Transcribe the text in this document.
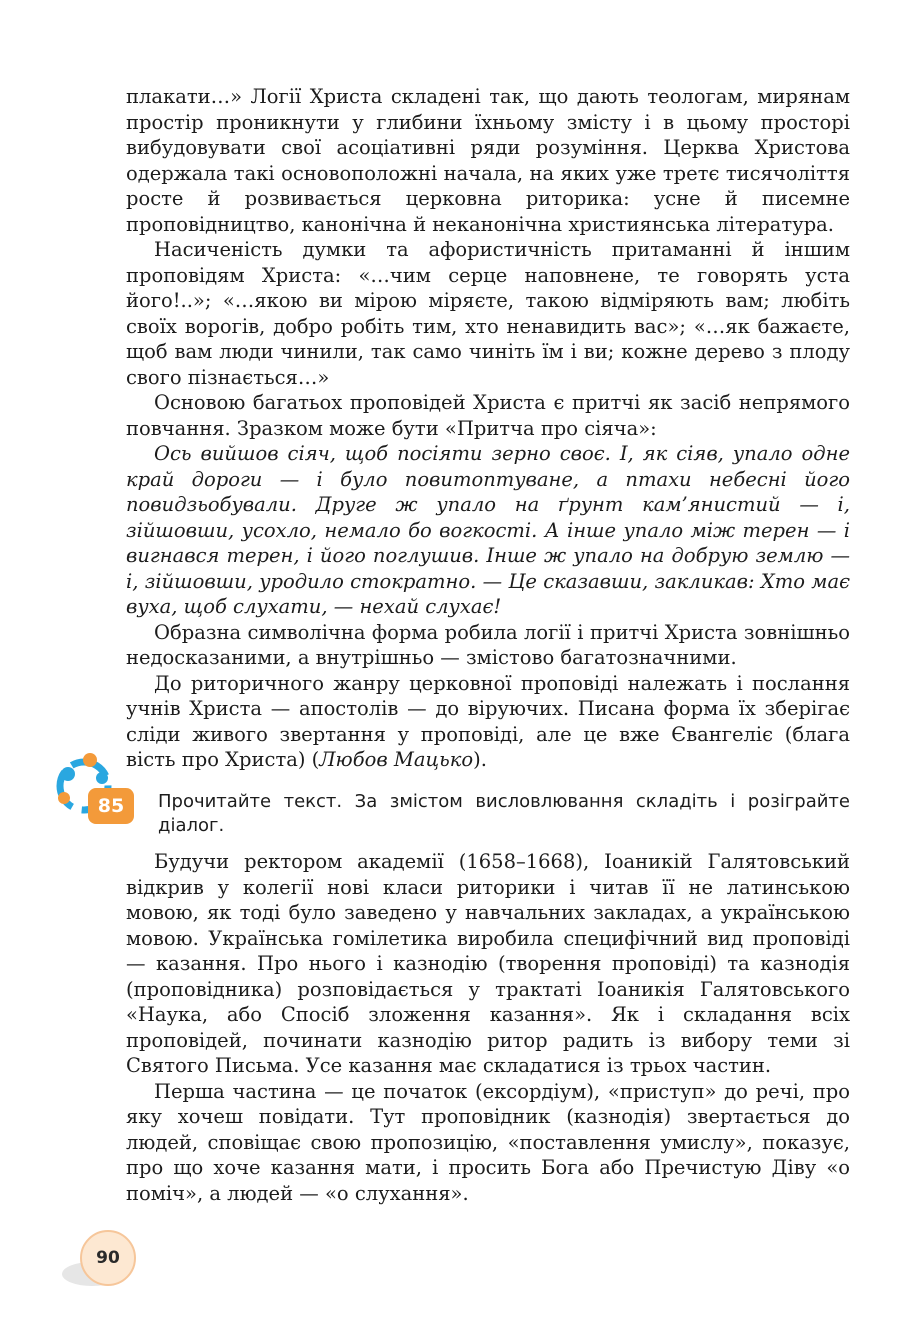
плакати…» Логії Христа складені так, що дають теологам, мирянам простір проникнути у глибини їхньому змісту і в цьому просторі вибудовувати свої асоціативні ряди розуміння. Церква Христова одержала такі основоположні начала, на яких уже третє тисячоліття росте й розвивається церковна риторика: усне й писемне проповідництво, канонічна й неканонічна християнська література.

Насиченість думки та афористичність притаманні й іншим проповідям Христа: «…чим серце наповнене, те говорять уста його!..»; «…якою ви мірою міряєте, такою відміряють вам; любіть своїх ворогів, добро робіть тим, хто ненавидить вас»; «…як бажаєте, щоб вам люди чинили, так само чиніть їм і ви; кожне дерево з плоду свого пізнається…»

Основою багатьох проповідей Христа є притчі як засіб непрямого повчання. Зразком може бути «Притча про сіяча»:

Ось вийшов сіяч, щоб посіяти зерно своє. І, як сіяв, упало одне край дороги — і було повитоптуване, а птахи небесні його повидзьобували. Друге ж упало на ґрунт кам’янистий — і, зійшовши, усохло, немало бо вогкості. А інше упало між терен — і вигнався терен, і його поглушив. Інше ж упало на добрую землю — і, зійшовши, уродило стократно. — Це сказавши, закликав: Хто має вуха, щоб слухати, — нехай слухає!

Образна символічна форма робила логії і притчі Христа зовнішньо недосказаними, а внутрішньо — змістово багатозначними.

До риторичного жанру церковної проповіді належать і послання учнів Христа — апостолів — до віруючих. Писана форма їх зберігає сліди живого звертання у проповіді, але це вже Євангеліє (блага вість про Христа) (Любов Мацько).

85 Прочитайте текст. За змістом висловлювання складіть і розіграйте діалог.

Будучи ректором академії (1658–1668), Іоаникій Галятовський відкрив у колегії нові класи риторики і читав її не латинською мовою, як тоді було заведено у навчальних закладах, а українською мовою. Українська гомілетика виробила специфічний вид проповіді — казання. Про нього і казнодію (творення проповіді) та казнодія (проповідника) розповідається у трактаті Іоаникія Галятовського «Наука, або Спосіб зложення казання». Як і складання всіх проповідей, починати казнодію ритор радить із вибору теми зі Святого Письма. Усе казання має складатися із трьох частин.

Перша частина — це початок (ексордіум), «приступ» до речі, про яку хочеш повідати. Тут проповідник (казнодія) звертається до людей, сповіщає свою пропозицію, «поставлення умислу», показує, про що хоче казання мати, і просить Бога або Пречистую Діву «о поміч», а людей — «о слухання».

90
